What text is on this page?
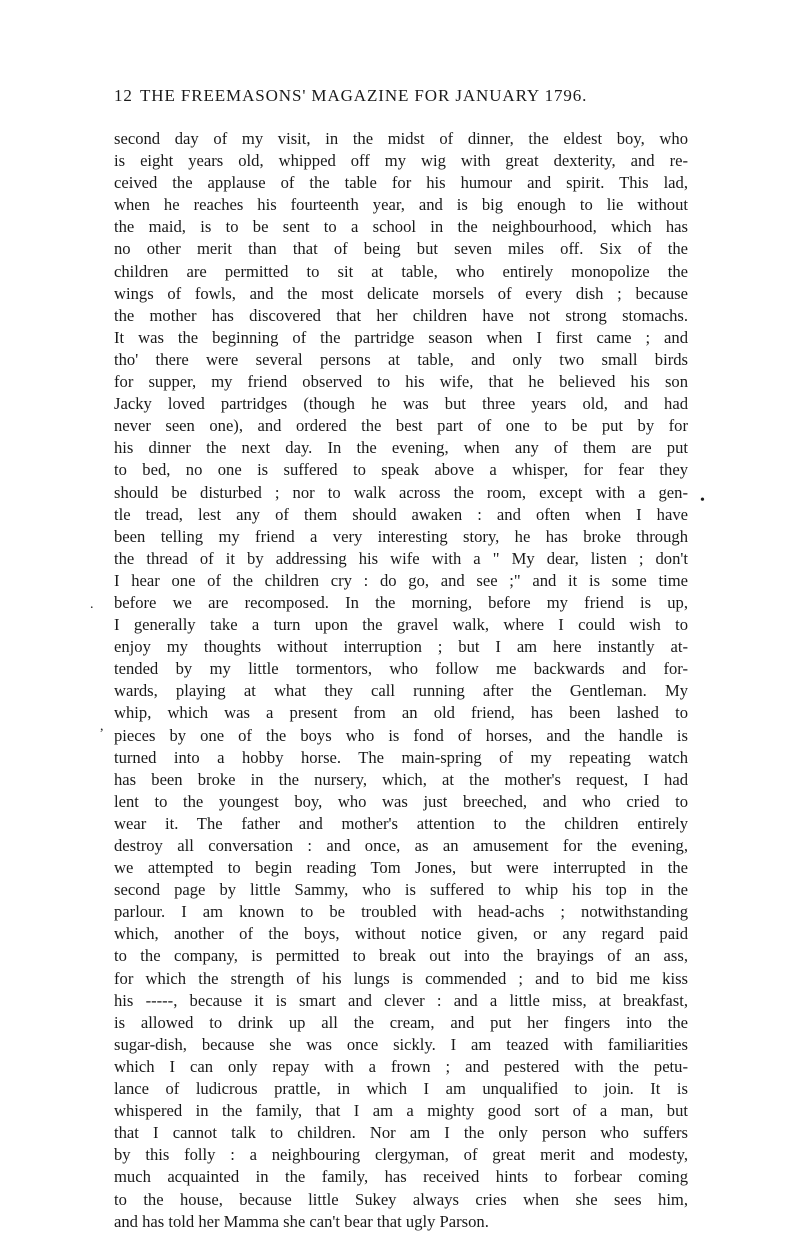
12 THE FREEMASONS' MAGAZINE FOR JANUARY 1796.
second day of my visit, in the midst of dinner, the eldest boy, who
is eight years old, whipped off my wig with great dexterity, and re-
ceived the applause of the table for his humour and spirit. This lad,
when he reaches his fourteenth year, and is big enough to lie without
the maid, is to be sent to a school in the neighbourhood, which has
no other merit than that of being but seven miles off. Six of the
children are permitted to sit at table, who entirely monopolize the
wings of fowls, and the most delicate morsels of every dish ; because
the mother has discovered that her children have not strong stomachs.
It was the beginning of the partridge season when I first came ; and
tho' there were several persons at table, and only two small birds
for supper, my friend observed to his wife, that he believed his son
Jacky loved partridges (though he was but three years old, and had
never seen one), and ordered the best part of one to be put by for
his dinner the next day. In the evening, when any of them are put
to bed, no one is suffered to speak above a whisper, for fear they
should be disturbed ; nor to walk across the room, except with a gen-
tle tread, lest any of them should awaken : and often when I have
been telling my friend a very interesting story, he has broke through
the thread of it by addressing his wife with a " My dear, listen ; don't
I hear one of the children cry : do go, and see ;" and it is some time
before we are recomposed. In the morning, before my friend is up,
I generally take a turn upon the gravel walk, where I could wish to
enjoy my thoughts without interruption ; but I am here instantly at-
tended by my little tormentors, who follow me backwards and for-
wards, playing at what they call running after the Gentleman. My
whip, which was a present from an old friend, has been lashed to
pieces by one of the boys who is fond of horses, and the handle is
turned into a hobby horse. The main-spring of my repeating watch
has been broke in the nursery, which, at the mother's request, I had
lent to the youngest boy, who was just breeched, and who cried to
wear it. The father and mother's attention to the children entirely
destroy all conversation : and once, as an amusement for the evening,
we attempted to begin reading Tom Jones, but were interrupted in the
second page by little Sammy, who is suffered to whip his top in the
parlour. I am known to be troubled with head-achs ; notwithstanding
which, another of the boys, without notice given, or any regard paid
to the company, is permitted to break out into the brayings of an ass,
for which the strength of his lungs is commended ; and to bid me kiss
his -----, because it is smart and clever : and a little miss, at breakfast,
is allowed to drink up all the cream, and put her fingers into the
sugar-dish, because she was once sickly. I am teazed with familiarities
which I can only repay with a frown ; and pestered with the petu-
lance of ludicrous prattle, in which I am unqualified to join. It is
whispered in the family, that I am a mighty good sort of a man, but
that I cannot talk to children. Nor am I the only person who suffers
by this folly : a neighbouring clergyman, of great merit and modesty,
much acquainted in the family, has received hints to forbear coming
to the house, because little Sukey always cries when she sees him,
and has told her Mamma she can't bear that ugly Parson.
•
.
,
